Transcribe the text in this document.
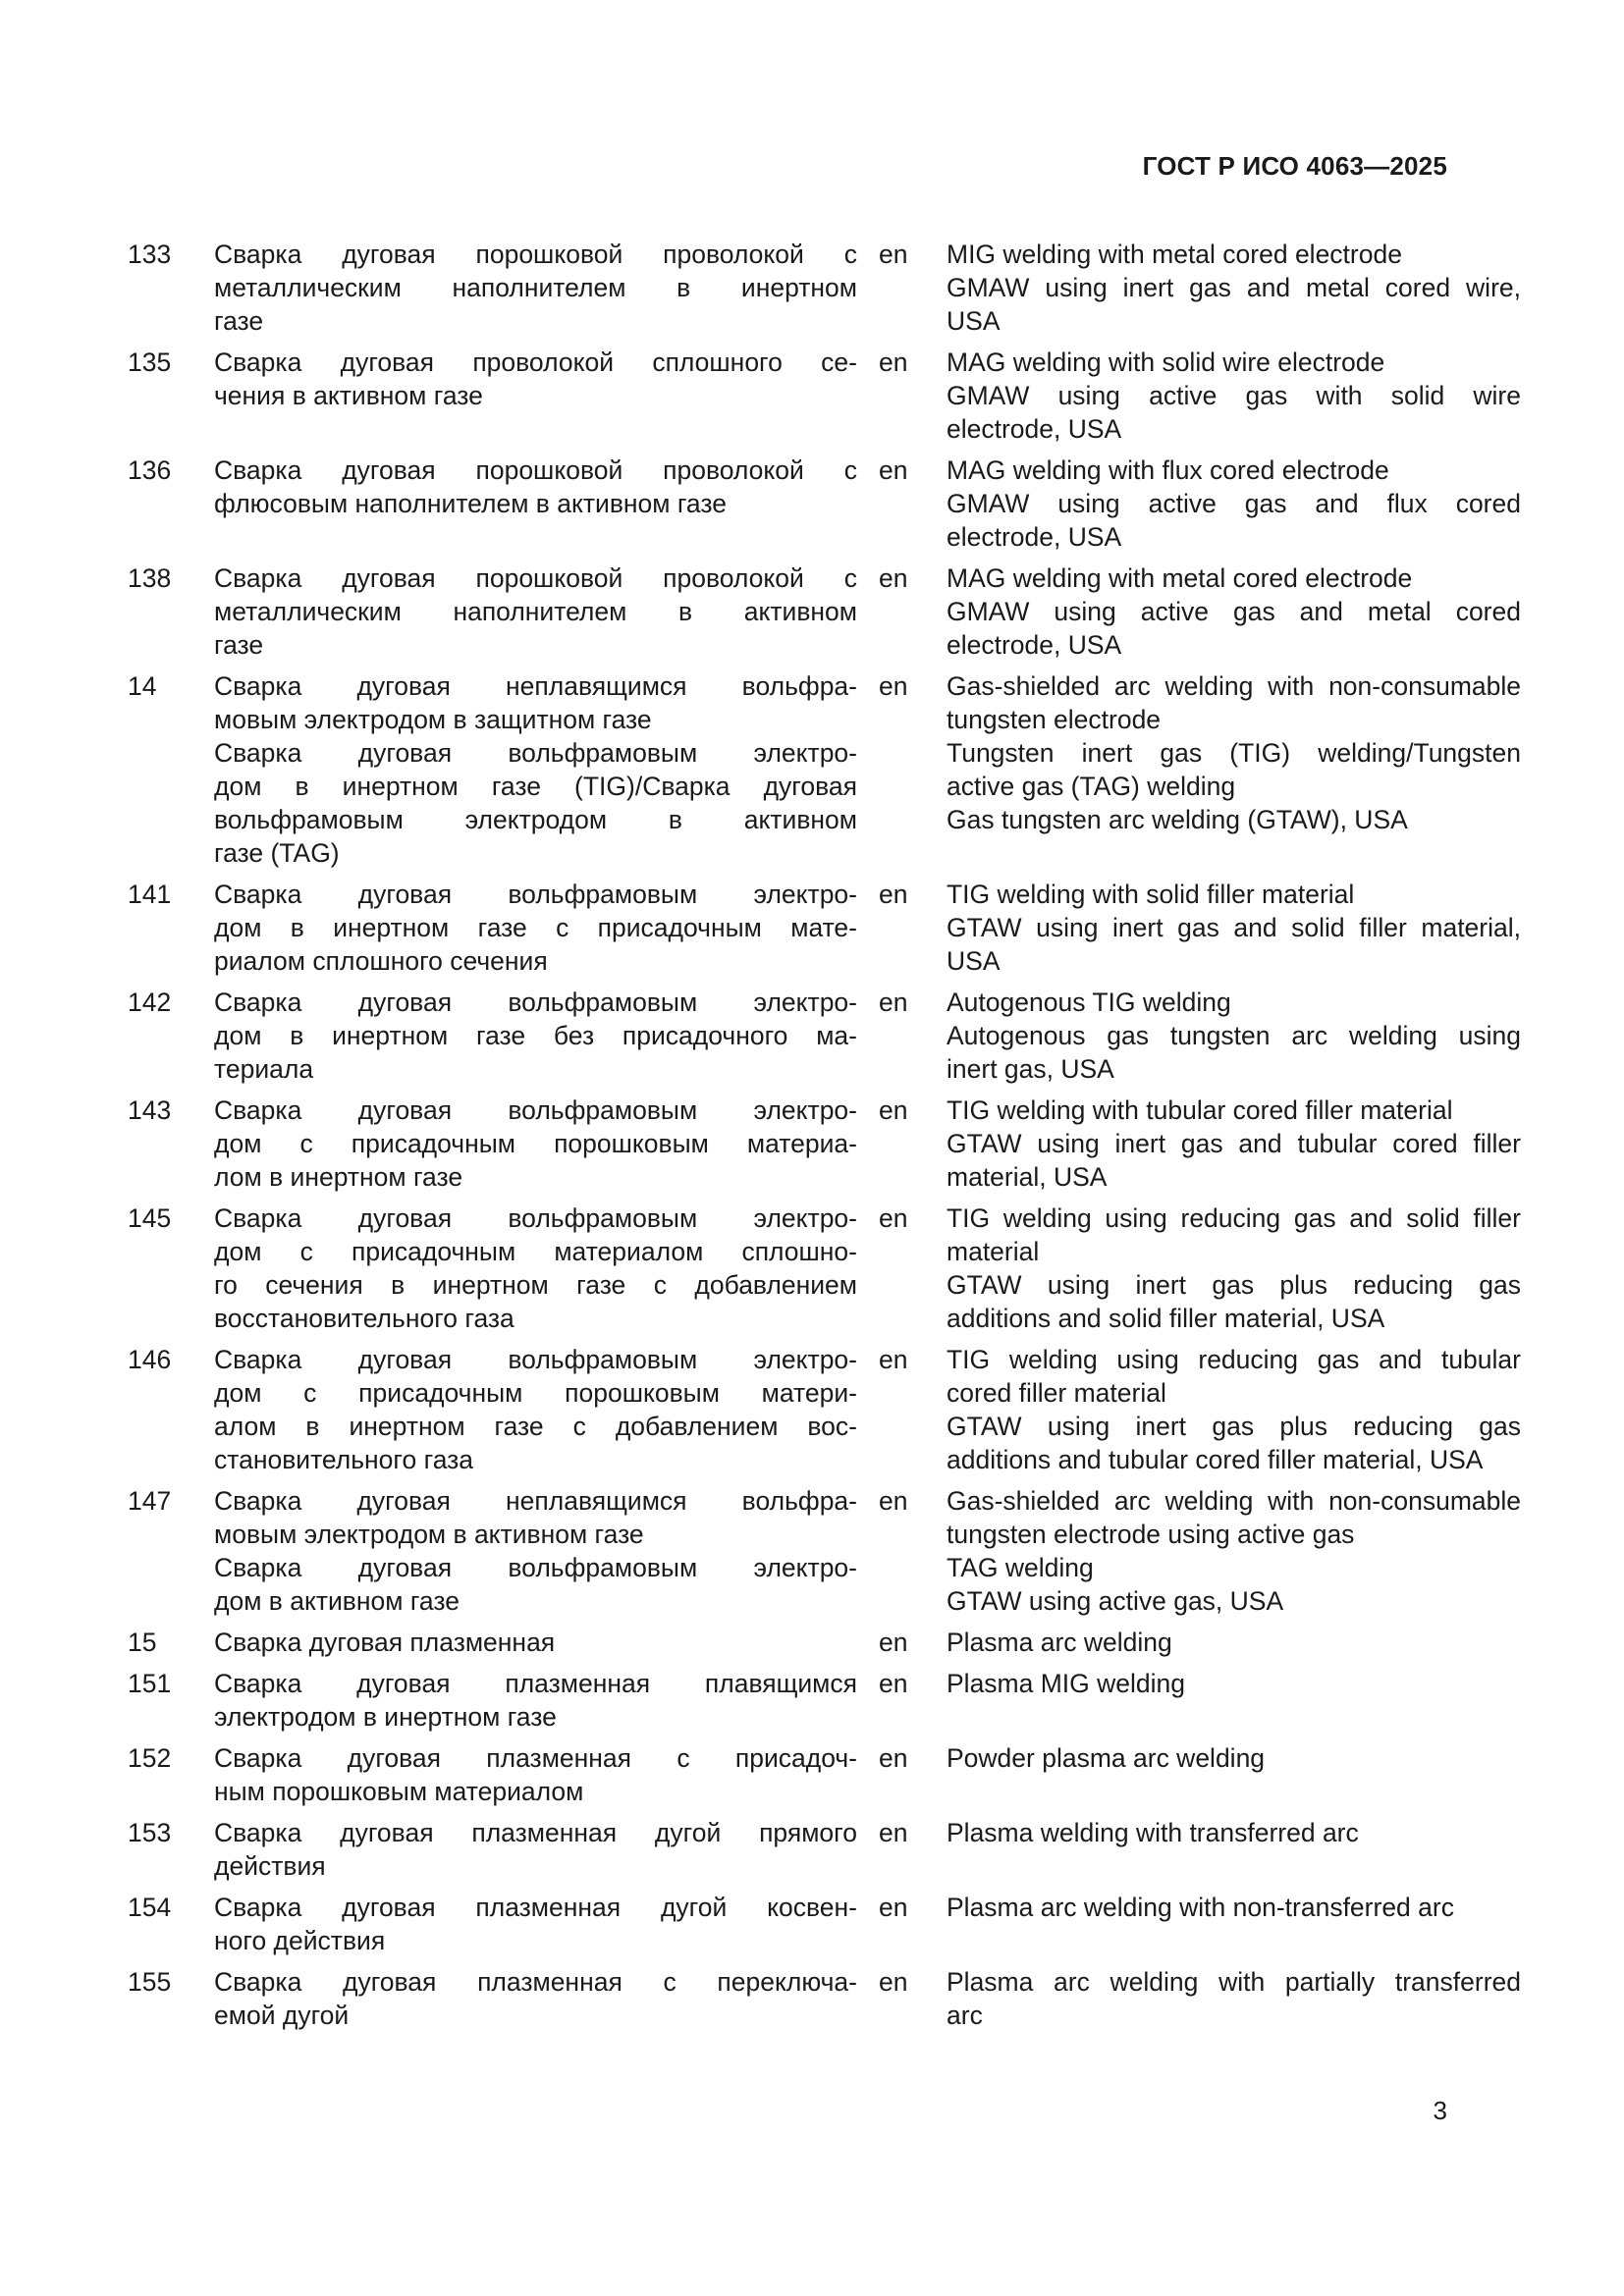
ГОСТ Р ИСО 4063—2025
133	Сварка дуговая порошковой проволокой с
металлическим наполнителем в инертном
газе
en	MIG welding with metal cored electrode
GMAW using inert gas and metal cored wire,
USA
135	Сварка дуговая проволокой сплошного се-
чения в активном газе
en	MAG welding with solid wire electrode
GMAW using active gas with solid wire
electrode, USA
136	Сварка дуговая порошковой проволокой с
флюсовым наполнителем в активном газе
en	MAG welding with flux cored electrode
GMAW using active gas and flux cored
electrode, USA
138	Сварка дуговая порошковой проволокой с
металлическим наполнителем в активном
газе
en	MAG welding with metal cored electrode
GMAW using active gas and metal cored
electrode, USA
14	Сварка дуговая неплавящимся вольфра-
мовым электродом в защитном газе
Сварка дуговая вольфрамовым электро-
дом в инертном газе (TIG)/Сварка дуговая
вольфрамовым электродом в активном
газе (TAG)
en	Gas-shielded arc welding with non-consumable
tungsten electrode
Tungsten inert gas (TIG) welding/Tungsten
active gas (TAG) welding
Gas tungsten arc welding (GTAW), USA
141	Сварка дуговая вольфрамовым электро-
дом в инертном газе с присадочным мате-
риалом сплошного сечения
en	TIG welding with solid filler material
GTAW using inert gas and solid filler material,
USA
142	Сварка дуговая вольфрамовым электро-
дом в инертном газе без присадочного ма-
териала
en	Autogenous TIG welding
Autogenous gas tungsten arc welding using
inert gas, USA
143	Сварка дуговая вольфрамовым электро-
дом с присадочным порошковым материа-
лом в инертном газе
en	TIG welding with tubular cored filler material
GTAW using inert gas and tubular cored filler
material, USA
145	Сварка дуговая вольфрамовым электро-
дом с присадочным материалом сплошно-
го сечения в инертном газе с добавлением
восстановительного газа
en	TIG welding using reducing gas and solid filler
material
GTAW using inert gas plus reducing gas
additions and solid filler material, USA
146	Сварка дуговая вольфрамовым электро-
дом с присадочным порошковым матери-
алом в инертном газе с добавлением вос-
становительного газа
en	TIG welding using reducing gas and tubular
cored filler material
GTAW using inert gas plus reducing gas
additions and tubular cored filler material, USA
147	Сварка дуговая неплавящимся вольфра-
мовым электродом в активном газе
Сварка дуговая вольфрамовым электро-
дом в активном газе
en	Gas-shielded arc welding with non-consumable
tungsten electrode using active gas
TAG welding
GTAW using active gas, USA
15	Сварка дуговая плазменная	en	Plasma arc welding
151	Сварка дуговая плазменная плавящимся
электродом в инертном газе
en	Plasma MIG welding
152	Сварка дуговая плазменная с присадоч-
ным порошковым материалом
en	Powder plasma arc welding
153	Сварка дуговая плазменная дугой прямого
действия
en	Plasma welding with transferred arc
154	Сварка дуговая плазменная дугой косвен-
ного действия
en	Plasma arc welding with non-transferred arc
155	Сварка дуговая плазменная с переключа-
емой дугой
en	Plasma arc welding with partially transferred
arc
3
